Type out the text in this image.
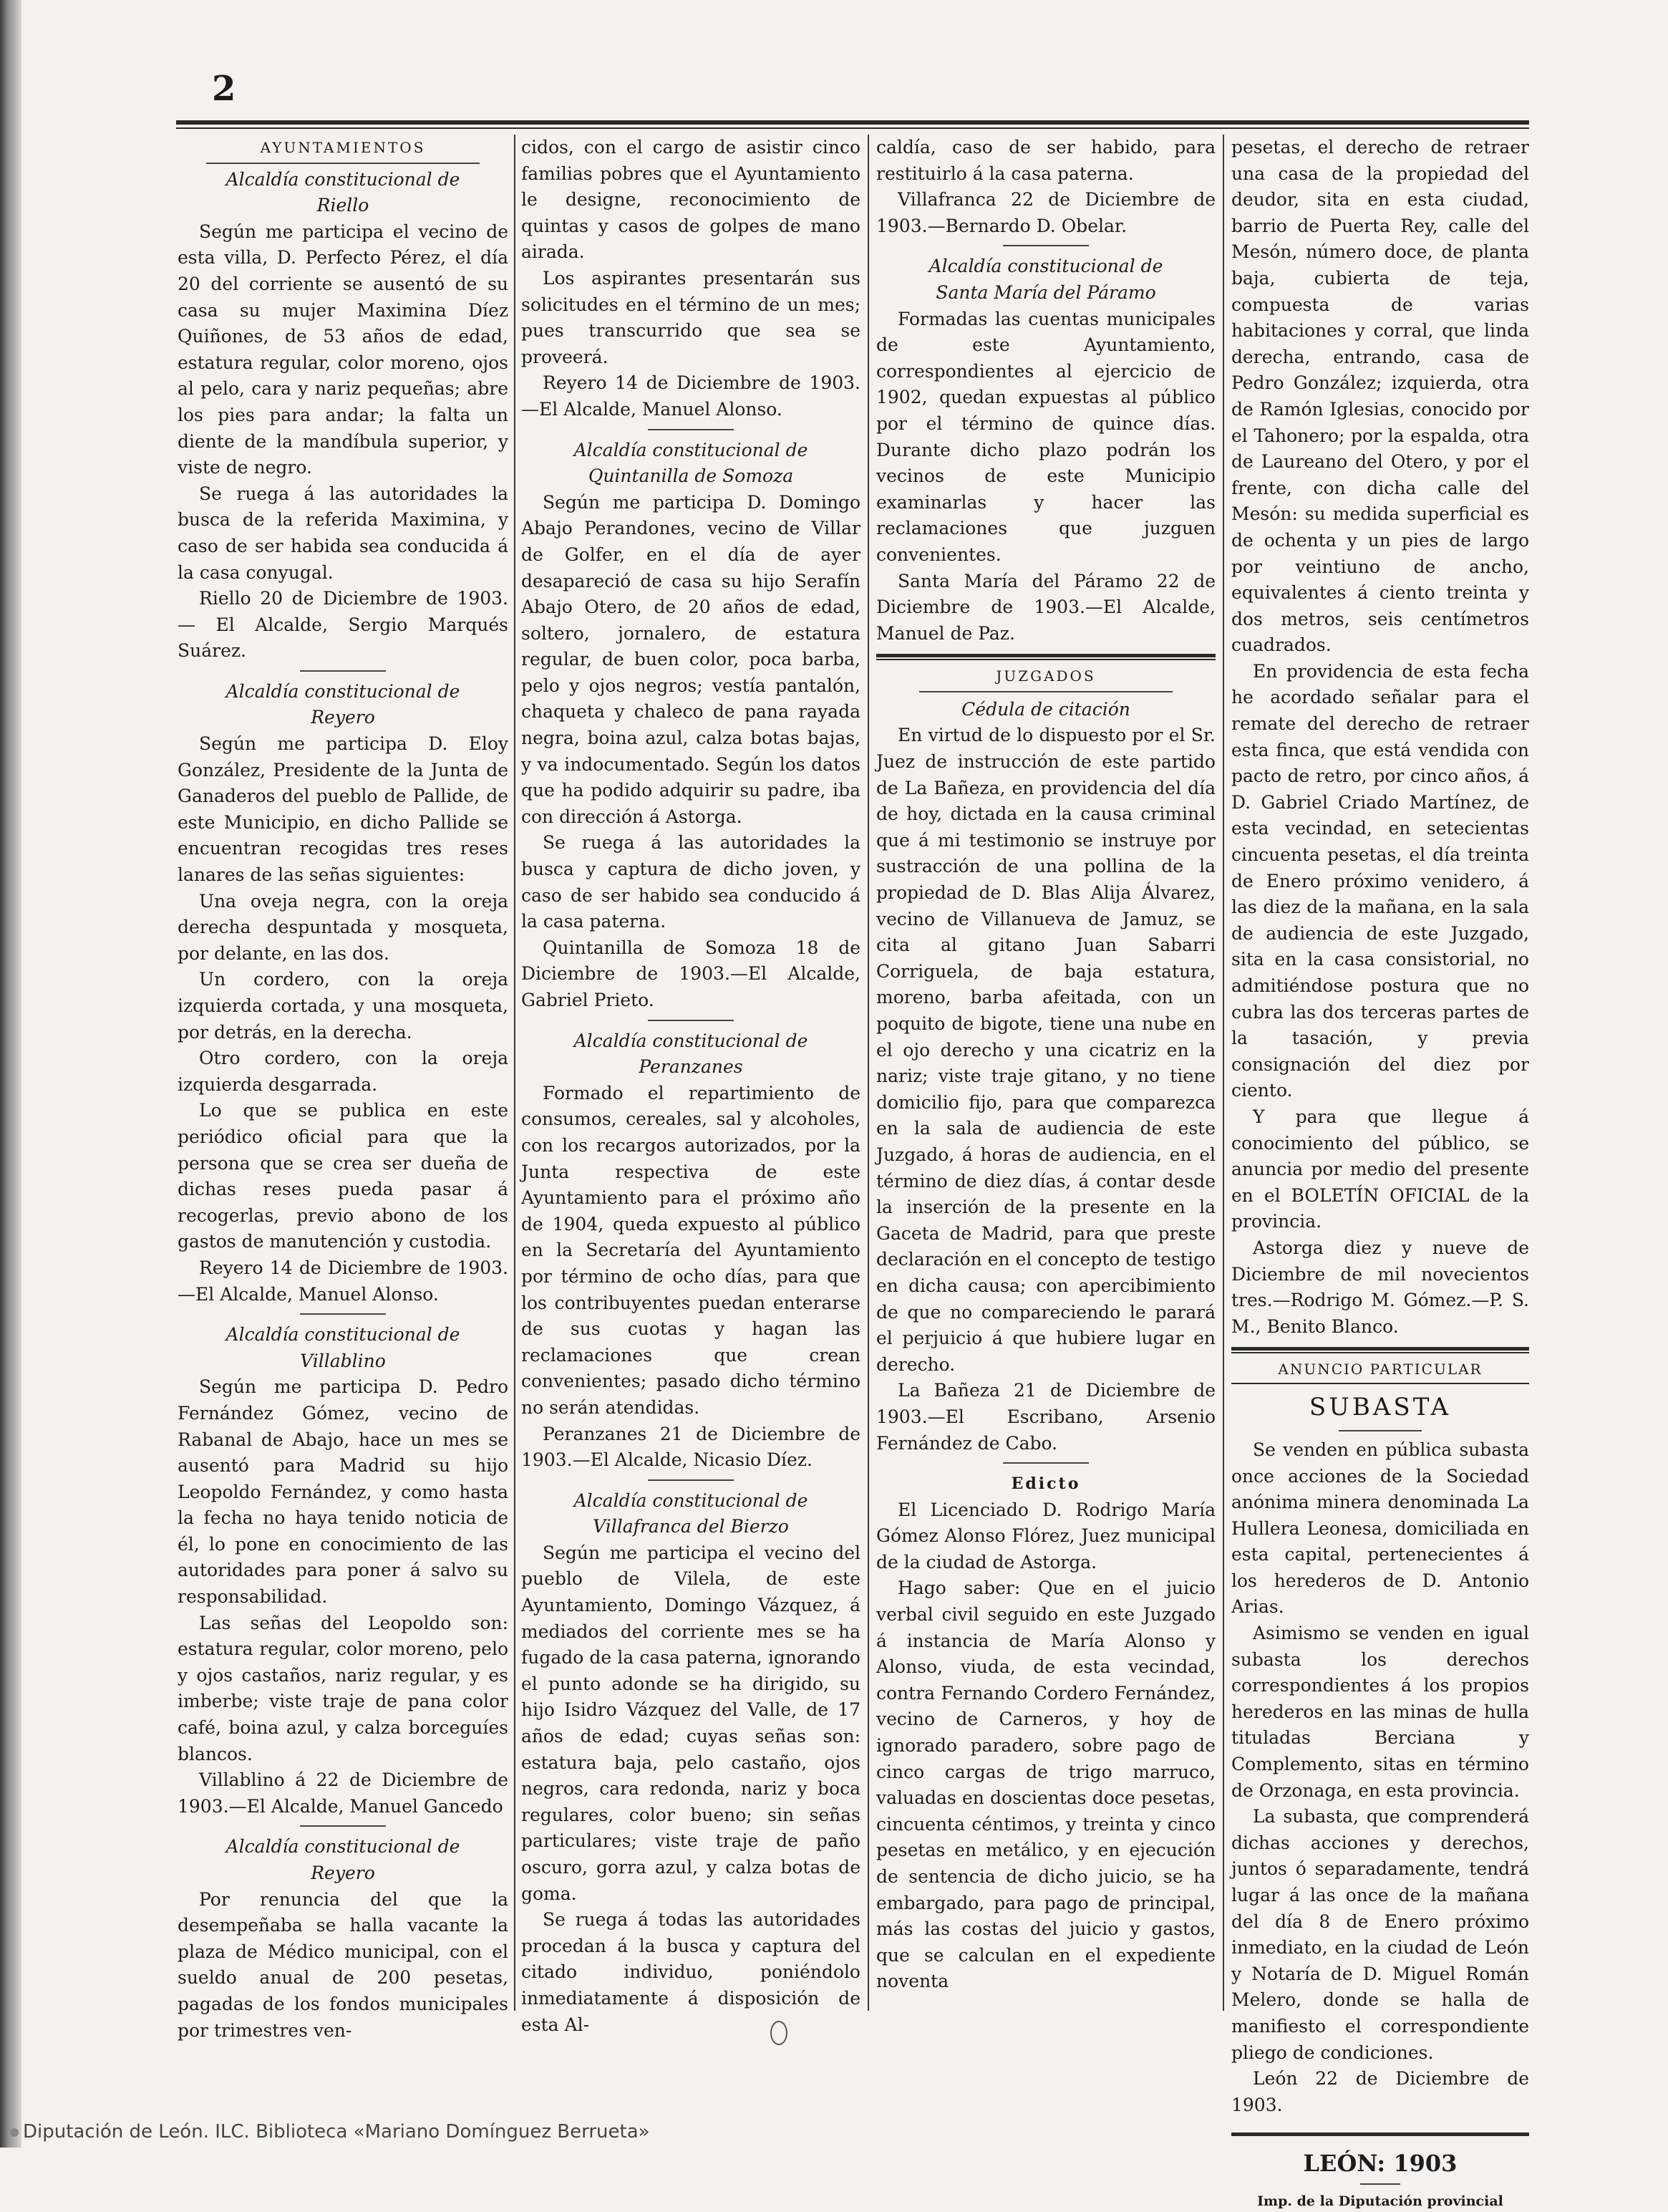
2
AYUNTAMIENTOS
Alcaldía constitucional de
Riello

Según me participa el vecino de esta villa, D. Perfecto Pérez, el día 20 del corriente se ausentó de su casa su mujer Maximina Díez Quiñones, de 53 años de edad, estatura regular, color moreno, ojos al pelo, cara y nariz pequeñas; abre los pies para andar; la falta un diente de la mandíbula superior, y viste de negro.

Se ruega á las autoridades la busca de la referida Maximina, y caso de ser habida sea conducida á la casa conyugal.

Riello 20 de Diciembre de 1903.— El Alcalde, Sergio Marqués Suárez.

Alcaldía constitucional de
Reyero

Según me participa D. Eloy González, Presidente de la Junta de Ganaderos del pueblo de Pallide, de este Municipio, en dicho Pallide se encuentran recogidas tres reses lanares de las señas siguientes:

Una oveja negra, con la oreja derecha despuntada y mosqueta, por delante, en las dos.

Un cordero, con la oreja izquierda cortada, y una mosqueta, por detrás, en la derecha.

Otro cordero, con la oreja izquierda desgarrada.

Lo que se publica en este periódico oficial para que la persona que se crea ser dueña de dichas reses pueda pasar á recogerlas, previo abono de los gastos de manutención y custodia.

Reyero 14 de Diciembre de 1903. —El Alcalde, Manuel Alonso.

Alcaldía constitucional de
Villablino

Según me participa D. Pedro Fernández Gómez, vecino de Rabanal de Abajo, hace un mes se ausentó para Madrid su hijo Leopoldo Fernández, y como hasta la fecha no haya tenido noticia de él, lo pone en conocimiento de las autoridades para poner á salvo su responsabilidad.

Las señas del Leopoldo son: estatura regular, color moreno, pelo y ojos castaños, nariz regular, y es imberbe; viste traje de pana color café, boina azul, y calza borceguíes blancos.

Villablino á 22 de Diciembre de 1903.—El Alcalde, Manuel Gancedo

Alcaldía constitucional de
Reyero

Por renuncia del que la desempeñaba se halla vacante la plaza de Médico municipal, con el sueldo anual de 200 pesetas, pagadas de los fondos municipales por trimestres ven-

cidos, con el cargo de asistir cinco familias pobres que el Ayuntamiento le designe, reconocimiento de quintas y casos de golpes de mano airada.

Los aspirantes presentarán sus solicitudes en el término de un mes; pues transcurrido que sea se proveerá.

Reyero 14 de Diciembre de 1903. —El Alcalde, Manuel Alonso.

Alcaldía constitucional de
Quintanilla de Somoza

Según me participa D. Domingo Abajo Perandones, vecino de Villar de Golfer, en el día de ayer desapareció de casa su hijo Serafín Abajo Otero, de 20 años de edad, soltero, jornalero, de estatura regular, de buen color, poca barba, pelo y ojos negros; vestía pantalón, chaqueta y chaleco de pana rayada negra, boina azul, calza botas bajas, y va indocumentado. Según los datos que ha podido adquirir su padre, iba con dirección á Astorga.

Se ruega á las autoridades la busca y captura de dicho joven, y caso de ser habido sea conducido á la casa paterna.

Quintanilla de Somoza 18 de Diciembre de 1903.—El Alcalde, Gabriel Prieto.

Alcaldía constitucional de
Peranzanes

Formado el repartimiento de consumos, cereales, sal y alcoholes, con los recargos autorizados, por la Junta respectiva de este Ayuntamiento para el próximo año de 1904, queda expuesto al público en la Secretaría del Ayuntamiento por término de ocho días, para que los contribuyentes puedan enterarse de sus cuotas y hagan las reclamaciones que crean convenientes; pasado dicho término no serán atendidas.

Peranzanes 21 de Diciembre de 1903.—El Alcalde, Nicasio Díez.

Alcaldía constitucional de
Villafranca del Bierzo

Según me participa el vecino del pueblo de Vilela, de este Ayuntamiento, Domingo Vázquez, á mediados del corriente mes se ha fugado de la casa paterna, ignorando el punto adonde se ha dirigido, su hijo Isidro Vázquez del Valle, de 17 años de edad; cuyas señas son: estatura baja, pelo castaño, ojos negros, cara redonda, nariz y boca regulares, color bueno; sin señas particulares; viste traje de paño oscuro, gorra azul, y calza botas de goma.

Se ruega á todas las autoridades procedan á la busca y captura del citado individuo, poniéndolo inmediatamente á disposición de esta Al-

caldía, caso de ser habido, para restituirlo á la casa paterna.

Villafranca 22 de Diciembre de 1903.—Bernardo D. Obelar.

Alcaldía constitucional de
Santa María del Páramo

Formadas las cuentas municipales de este Ayuntamiento, correspondientes al ejercicio de 1902, quedan expuestas al público por el término de quince días. Durante dicho plazo podrán los vecinos de este Municipio examinarlas y hacer las reclamaciones que juzguen convenientes.

Santa María del Páramo 22 de Diciembre de 1903.—El Alcalde, Manuel de Paz.

JUZGADOS
Cédula de citación

En virtud de lo dispuesto por el Sr. Juez de instrucción de este partido de La Bañeza, en providencia del día de hoy, dictada en la causa criminal que á mi testimonio se instruye por sustracción de una pollina de la propiedad de D. Blas Alija Álvarez, vecino de Villanueva de Jamuz, se cita al gitano Juan Sabarri Corriguela, de baja estatura, moreno, barba afeitada, con un poquito de bigote, tiene una nube en el ojo derecho y una cicatriz en la nariz; viste traje gitano, y no tiene domicilio fijo, para que comparezca en la sala de audiencia de este Juzgado, á horas de audiencia, en el término de diez días, á contar desde la inserción de la presente en la Gaceta de Madrid, para que preste declaración en el concepto de testigo en dicha causa; con apercibimiento de que no compareciendo le parará el perjuicio á que hubiere lugar en derecho.

La Bañeza 21 de Diciembre de 1903.—El Escribano, Arsenio Fernández de Cabo.

Edicto

El Licenciado D. Rodrigo María Gómez Alonso Flórez, Juez municipal de la ciudad de Astorga.

Hago saber: Que en el juicio verbal civil seguido en este Juzgado á instancia de María Alonso y Alonso, viuda, de esta vecindad, contra Fernando Cordero Fernández, vecino de Carneros, y hoy de ignorado paradero, sobre pago de cinco cargas de trigo marruco, valuadas en doscientas doce pesetas, cincuenta céntimos, y treinta y cinco pesetas en metálico, y en ejecución de sentencia de dicho juicio, se ha embargado, para pago de principal, más las costas del juicio y gastos, que se calculan en el expediente noventa

pesetas, el derecho de retraer una casa de la propiedad del deudor, sita en esta ciudad, barrio de Puerta Rey, calle del Mesón, número doce, de planta baja, cubierta de teja, compuesta de varias habitaciones y corral, que linda derecha, entrando, casa de Pedro González; izquierda, otra de Ramón Iglesias, conocido por el Tahonero; por la espalda, otra de Laureano del Otero, y por el frente, con dicha calle del Mesón: su medida superficial es de ochenta y un pies de largo por veintiuno de ancho, equivalentes á ciento treinta y dos metros, seis centímetros cuadrados.

En providencia de esta fecha he acordado señalar para el remate del derecho de retraer esta finca, que está vendida con pacto de retro, por cinco años, á D. Gabriel Criado Martínez, de esta vecindad, en setecientas cincuenta pesetas, el día treinta de Enero próximo venidero, á las diez de la mañana, en la sala de audiencia de este Juzgado, sita en la casa consistorial, no admitiéndose postura que no cubra las dos terceras partes de la tasación, y previa consignación del diez por ciento.

Y para que llegue á conocimiento del público, se anuncia por medio del presente en el BOLETÍN OFICIAL de la provincia.

Astorga diez y nueve de Diciembre de mil novecientos tres.—Rodrigo M. Gómez.—P. S. M., Benito Blanco.

ANUNCIO PARTICULAR
SUBASTA

Se venden en pública subasta once acciones de la Sociedad anónima minera denominada La Hullera Leonesa, domiciliada en esta capital, pertenecientes á los herederos de D. Antonio Arias.

Asimismo se venden en igual subasta los derechos correspondientes á los propios herederos en las minas de hulla tituladas Berciana y Complemento, sitas en término de Orzonaga, en esta provincia.

La subasta, que comprenderá dichas acciones y derechos, juntos ó separadamente, tendrá lugar á las once de la mañana del día 8 de Enero próximo inmediato, en la ciudad de León y Notaría de D. Miguel Román Melero, donde se halla de manifiesto el correspondiente pliego de condiciones.

León 22 de Diciembre de 1903.

LEÓN: 1903
Imp. de la Diputación provincial
Diputación de León. ILC. Biblioteca «Mariano Domínguez Berrueta»
